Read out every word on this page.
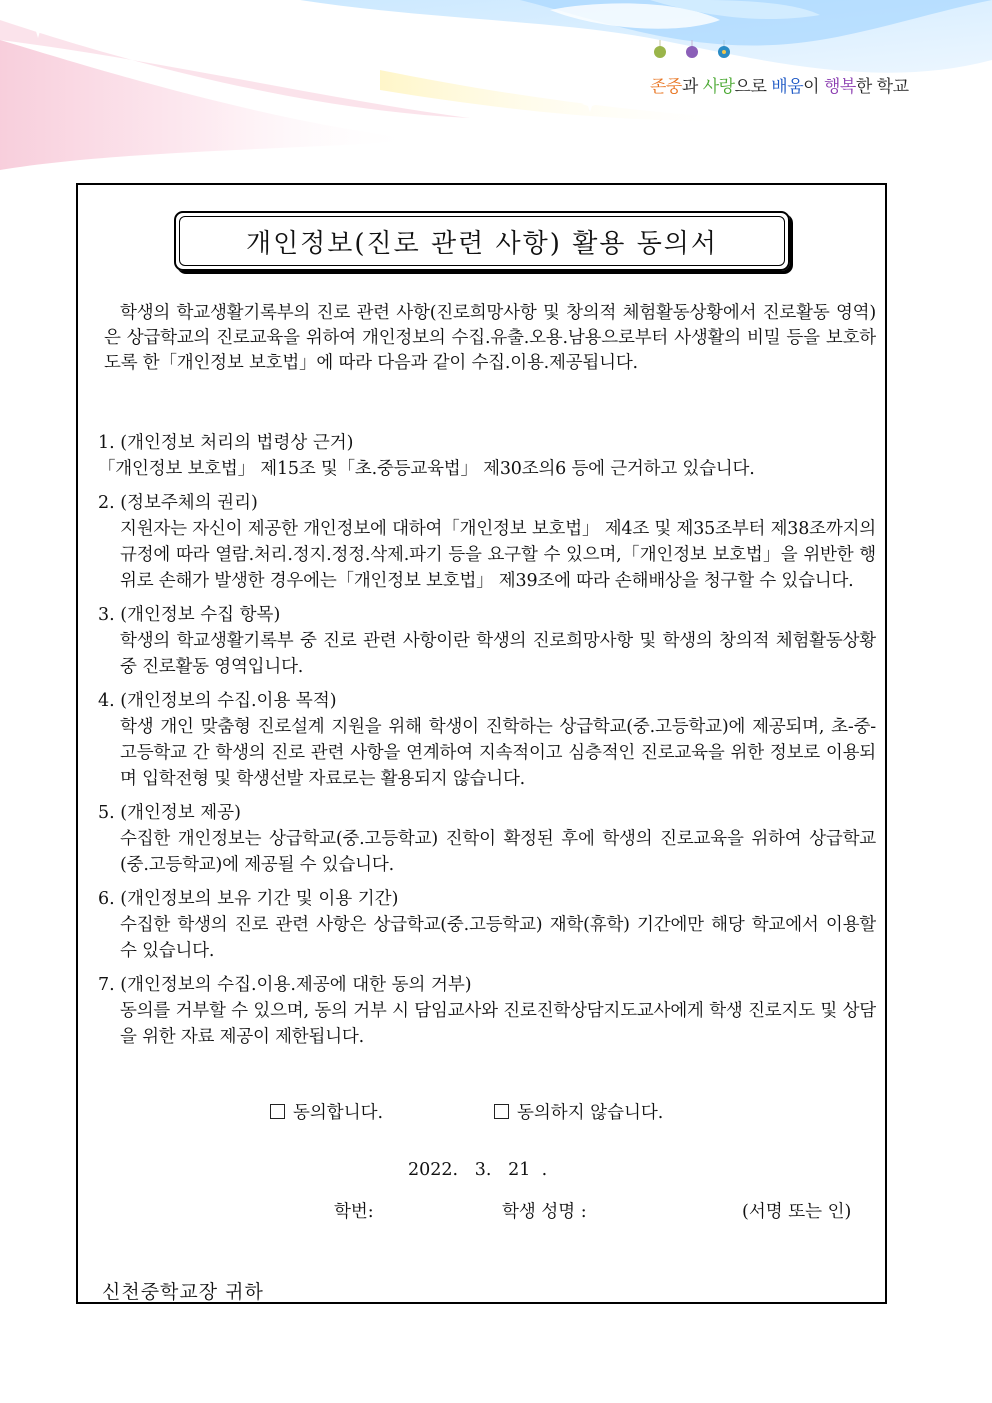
존중과 사랑으로 배움이 행복한 학교
개인정보(진로 관련 사항) 활용 동의서
학생의 학교생활기록부의 진로 관련 사항(진로희망사항 및 창의적 체험활동상황에서 진로활동 영역)은 상급학교의 진로교육을 위하여 개인정보의 수집.유출.오용.남용으로부터 사생활의 비밀 등을 보호하도록 한「개인정보 보호법」에 따라 다음과 같이 수집.이용.제공됩니다.
1. (개인정보 처리의 법령상 근거)
「개인정보 보호법」 제15조 및「초.중등교육법」 제30조의6 등에 근거하고 있습니다.
2. (정보주체의 권리)
지원자는 자신이 제공한 개인정보에 대하여「개인정보 보호법」 제4조 및 제35조부터 제38조까지의 규정에 따라 열람.처리.정지.정정.삭제.파기 등을 요구할 수 있으며,「개인정보 보호법」을 위반한 행위로 손해가 발생한 경우에는「개인정보 보호법」 제39조에 따라 손해배상을 청구할 수 있습니다.
3. (개인정보 수집 항목)
학생의 학교생활기록부 중 진로 관련 사항이란 학생의 진로희망사항 및 학생의 창의적 체험활동상황 중 진로활동 영역입니다.
4. (개인정보의 수집.이용 목적)
학생 개인 맞춤형 진로설계 지원을 위해 학생이 진학하는 상급학교(중.고등학교)에 제공되며, 초-중-고등학교 간 학생의 진로 관련 사항을 연계하여 지속적이고 심층적인 진로교육을 위한 정보로 이용되며 입학전형 및 학생선발 자료로는 활용되지 않습니다.
5. (개인정보 제공)
수집한 개인정보는 상급학교(중.고등학교) 진학이 확정된 후에 학생의 진로교육을 위하여 상급학교(중.고등학교)에 제공될 수 있습니다.
6. (개인정보의 보유 기간 및 이용 기간)
수집한 학생의 진로 관련 사항은 상급학교(중.고등학교) 재학(휴학) 기간에만 해당 학교에서 이용할 수 있습니다.
7. (개인정보의 수집.이용.제공에 대한 동의 거부)
동의를 거부할 수 있으며, 동의 거부 시 담임교사와 진로진학상담지도교사에게 학생 진로지도 및 상담을 위한 자료 제공이 제한됩니다.
동의합니다.	동의하지 않습니다.
2022.   3.   21  .
학번:	학생 성명 :	(서명 또는 인)
신천중학교장 귀하
